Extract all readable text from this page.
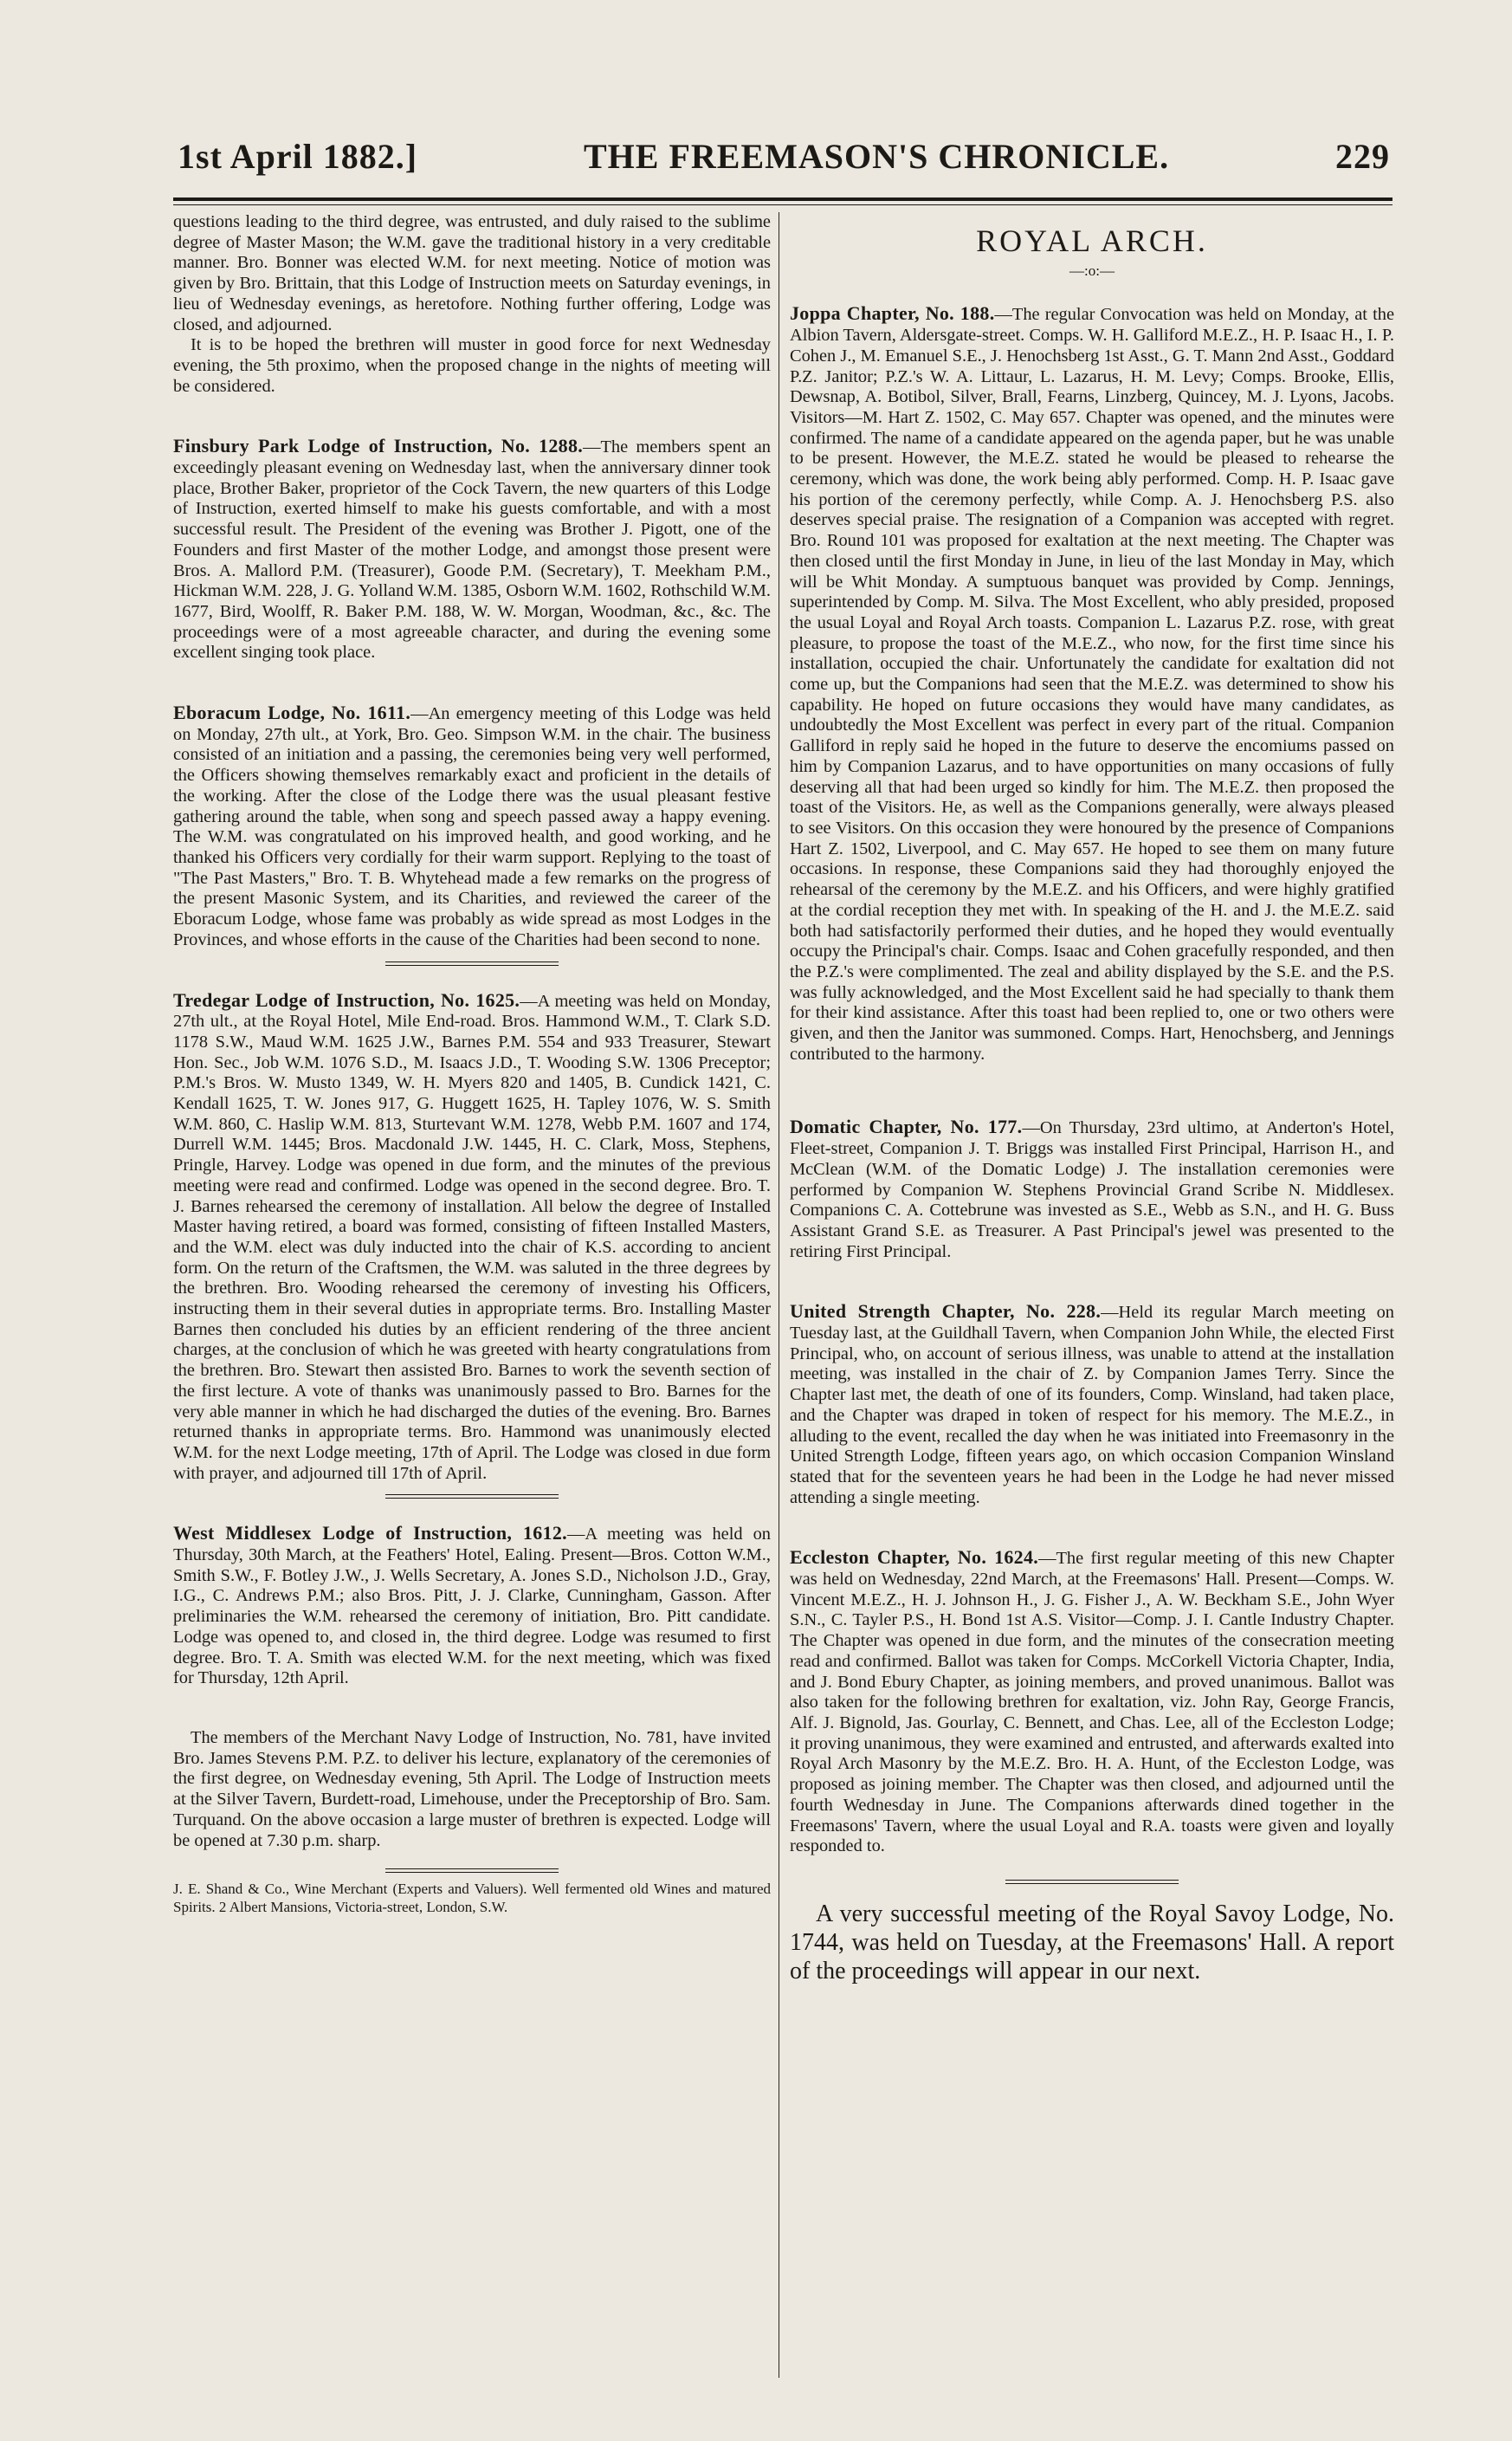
1st April 1882.]	THE FREEMASON'S CHRONICLE.	229

questions leading to the third degree, was entrusted, and duly raised to the sublime degree of Master Mason; the W.M. gave the traditional history in a very creditable manner. Bro. Bonner was elected W.M. for next meeting. Notice of motion was given by Bro. Brittain, that this Lodge of Instruction meets on Saturday evenings, in lieu of Wednesday evenings, as heretofore. Nothing further offering, Lodge was closed, and adjourned.

It is to be hoped the brethren will muster in good force for next Wednesday evening, the 5th proximo, when the proposed change in the nights of meeting will be considered.

Finsbury Park Lodge of Instruction, No. 1288.—The members spent an exceedingly pleasant evening on Wednesday last, when the anniversary dinner took place, Brother Baker, proprietor of the Cock Tavern, the new quarters of this Lodge of Instruction, exerted himself to make his guests comfortable, and with a most successful result. The President of the evening was Brother J. Pigott, one of the Founders and first Master of the mother Lodge, and amongst those present were Bros. A. Mallord P.M. (Treasurer), Goode P.M. (Secretary), T. Meekham P.M., Hickman W.M. 228, J. G. Yolland W.M. 1385, Osborn W.M. 1602, Rothschild W.M. 1677, Bird, Woolff, R. Baker P.M. 188, W. W. Morgan, Woodman, &c., &c. The proceedings were of a most agreeable character, and during the evening some excellent singing took place.

Eboracum Lodge, No. 1611.—An emergency meeting of this Lodge was held on Monday, 27th ult., at York, Bro. Geo. Simpson W.M. in the chair. The business consisted of an initiation and a passing, the ceremonies being very well performed, the Officers showing themselves remarkably exact and proficient in the details of the working. After the close of the Lodge there was the usual pleasant festive gathering around the table, when song and speech passed away a happy evening. The W.M. was congratulated on his improved health, and good working, and he thanked his Officers very cordially for their warm support. Replying to the toast of "The Past Masters," Bro. T. B. Whytehead made a few remarks on the progress of the present Masonic System, and its Charities, and reviewed the career of the Eboracum Lodge, whose fame was probably as wide spread as most Lodges in the Provinces, and whose efforts in the cause of the Charities had been second to none.

Tredegar Lodge of Instruction, No. 1625.—A meeting was held on Monday, 27th ult., at the Royal Hotel, Mile End-road. Bros. Hammond W.M., T. Clark S.D. 1178 S.W., Maud W.M. 1625 J.W., Barnes P.M. 554 and 933 Treasurer, Stewart Hon. Sec., Job W.M. 1076 S.D., M. Isaacs J.D., T. Wooding S.W. 1306 Preceptor; P.M.'s Bros. W. Musto 1349, W. H. Myers 820 and 1405, B. Cundick 1421, C. Kendall 1625, T. W. Jones 917, G. Huggett 1625, H. Tapley 1076, W. S. Smith W.M. 860, C. Haslip W.M. 813, Sturtevant W.M. 1278, Webb P.M. 1607 and 174, Durrell W.M. 1445; Bros. Macdonald J.W. 1445, H. C. Clark, Moss, Stephens, Pringle, Harvey. Lodge was opened in due form, and the minutes of the previous meeting were read and confirmed. Lodge was opened in the second degree. Bro. T. J. Barnes rehearsed the ceremony of installation. All below the degree of Installed Master having retired, a board was formed, consisting of fifteen Installed Masters, and the W.M. elect was duly inducted into the chair of K.S. according to ancient form. On the return of the Craftsmen, the W.M. was saluted in the three degrees by the brethren. Bro. Wooding rehearsed the ceremony of investing his Officers, instructing them in their several duties in appropriate terms. Bro. Installing Master Barnes then concluded his duties by an efficient rendering of the three ancient charges, at the conclusion of which he was greeted with hearty congratulations from the brethren. Bro. Stewart then assisted Bro. Barnes to work the seventh section of the first lecture. A vote of thanks was unanimously passed to Bro. Barnes for the very able manner in which he had discharged the duties of the evening. Bro. Barnes returned thanks in appropriate terms. Bro. Hammond was unanimously elected W.M. for the next Lodge meeting, 17th of April. The Lodge was closed in due form with prayer, and adjourned till 17th of April.

West Middlesex Lodge of Instruction, 1612.—A meeting was held on Thursday, 30th March, at the Feathers' Hotel, Ealing. Present—Bros. Cotton W.M., Smith S.W., F. Botley J.W., J. Wells Secretary, A. Jones S.D., Nicholson J.D., Gray, I.G., C. Andrews P.M.; also Bros. Pitt, J. J. Clarke, Cunningham, Gasson. After preliminaries the W.M. rehearsed the ceremony of initiation, Bro. Pitt candidate. Lodge was opened to, and closed in, the third degree. Lodge was resumed to first degree. Bro. T. A. Smith was elected W.M. for the next meeting, which was fixed for Thursday, 12th April.

The members of the Merchant Navy Lodge of Instruction, No. 781, have invited Bro. James Stevens P.M. P.Z. to deliver his lecture, explanatory of the ceremonies of the first degree, on Wednesday evening, 5th April. The Lodge of Instruction meets at the Silver Tavern, Burdett-road, Limehouse, under the Preceptorship of Bro. Sam. Turquand. On the above occasion a large muster of brethren is expected. Lodge will be opened at 7.30 p.m. sharp.

J. E. Shand & Co., Wine Merchant (Experts and Valuers). Well fermented old Wines and matured Spirits. 2 Albert Mansions, Victoria-street, London, S.W.

ROYAL ARCH.
—:o:—

Joppa Chapter, No. 188.—The regular Convocation was held on Monday, at the Albion Tavern, Aldersgate-street. Comps. W. H. Galliford M.E.Z., H. P. Isaac H., I. P. Cohen J., M. Emanuel S.E., J. Henochsberg 1st Asst., G. T. Mann 2nd Asst., Goddard P.Z. Janitor; P.Z.'s W. A. Littaur, L. Lazarus, H. M. Levy; Comps. Brooke, Ellis, Dewsnap, A. Botibol, Silver, Brall, Fearns, Linzberg, Quincey, M. J. Lyons, Jacobs. Visitors—M. Hart Z. 1502, C. May 657. Chapter was opened, and the minutes were confirmed. The name of a candidate appeared on the agenda paper, but he was unable to be present. However, the M.E.Z. stated he would be pleased to rehearse the ceremony, which was done, the work being ably performed. Comp. H. P. Isaac gave his portion of the ceremony perfectly, while Comp. A. J. Henochsberg P.S. also deserves special praise. The resignation of a Companion was accepted with regret. Bro. Round 101 was proposed for exaltation at the next meeting. The Chapter was then closed until the first Monday in June, in lieu of the last Monday in May, which will be Whit Monday. A sumptuous banquet was provided by Comp. Jennings, superintended by Comp. M. Silva. The Most Excellent, who ably presided, proposed the usual Loyal and Royal Arch toasts. Companion L. Lazarus P.Z. rose, with great pleasure, to propose the toast of the M.E.Z., who now, for the first time since his installation, occupied the chair. Unfortunately the candidate for exaltation did not come up, but the Companions had seen that the M.E.Z. was determined to show his capability. He hoped on future occasions they would have many candidates, as undoubtedly the Most Excellent was perfect in every part of the ritual. Companion Galliford in reply said he hoped in the future to deserve the encomiums passed on him by Companion Lazarus, and to have opportunities on many occasions of fully deserving all that had been urged so kindly for him. The M.E.Z. then proposed the toast of the Visitors. He, as well as the Companions generally, were always pleased to see Visitors. On this occasion they were honoured by the presence of Companions Hart Z. 1502, Liverpool, and C. May 657. He hoped to see them on many future occasions. In response, these Companions said they had thoroughly enjoyed the rehearsal of the ceremony by the M.E.Z. and his Officers, and were highly gratified at the cordial reception they met with. In speaking of the H. and J. the M.E.Z. said both had satisfactorily performed their duties, and he hoped they would eventually occupy the Principal's chair. Comps. Isaac and Cohen gracefully responded, and then the P.Z.'s were complimented. The zeal and ability displayed by the S.E. and the P.S. was fully acknowledged, and the Most Excellent said he had specially to thank them for their kind assistance. After this toast had been replied to, one or two others were given, and then the Janitor was summoned. Comps. Hart, Henochsberg, and Jennings contributed to the harmony.

Domatic Chapter, No. 177.—On Thursday, 23rd ultimo, at Anderton's Hotel, Fleet-street, Companion J. T. Briggs was installed First Principal, Harrison H., and McClean (W.M. of the Domatic Lodge) J. The installation ceremonies were performed by Companion W. Stephens Provincial Grand Scribe N. Middlesex. Companions C. A. Cottebrune was invested as S.E., Webb as S.N., and H. G. Buss Assistant Grand S.E. as Treasurer. A Past Principal's jewel was presented to the retiring First Principal.

United Strength Chapter, No. 228.—Held its regular March meeting on Tuesday last, at the Guildhall Tavern, when Companion John While, the elected First Principal, who, on account of serious illness, was unable to attend at the installation meeting, was installed in the chair of Z. by Companion James Terry. Since the Chapter last met, the death of one of its founders, Comp. Winsland, had taken place, and the Chapter was draped in token of respect for his memory. The M.E.Z., in alluding to the event, recalled the day when he was initiated into Freemasonry in the United Strength Lodge, fifteen years ago, on which occasion Companion Winsland stated that for the seventeen years he had been in the Lodge he had never missed attending a single meeting.

Eccleston Chapter, No. 1624.—The first regular meeting of this new Chapter was held on Wednesday, 22nd March, at the Freemasons' Hall. Present—Comps. W. Vincent M.E.Z., H. J. Johnson H., J. G. Fisher J., A. W. Beckham S.E., John Wyer S.N., C. Tayler P.S., H. Bond 1st A.S. Visitor—Comp. J. I. Cantle Industry Chapter. The Chapter was opened in due form, and the minutes of the consecration meeting read and confirmed. Ballot was taken for Comps. McCorkell Victoria Chapter, India, and J. Bond Ebury Chapter, as joining members, and proved unanimous. Ballot was also taken for the following brethren for exaltation, viz. John Ray, George Francis, Alf. J. Bignold, Jas. Gourlay, C. Bennett, and Chas. Lee, all of the Eccleston Lodge; it proving unanimous, they were examined and entrusted, and afterwards exalted into Royal Arch Masonry by the M.E.Z. Bro. H. A. Hunt, of the Eccleston Lodge, was proposed as joining member. The Chapter was then closed, and adjourned until the fourth Wednesday in June. The Companions afterwards dined together in the Freemasons' Tavern, where the usual Loyal and R.A. toasts were given and loyally responded to.

A very successful meeting of the Royal Savoy Lodge, No. 1744, was held on Tuesday, at the Freemasons' Hall. A report of the proceedings will appear in our next.
